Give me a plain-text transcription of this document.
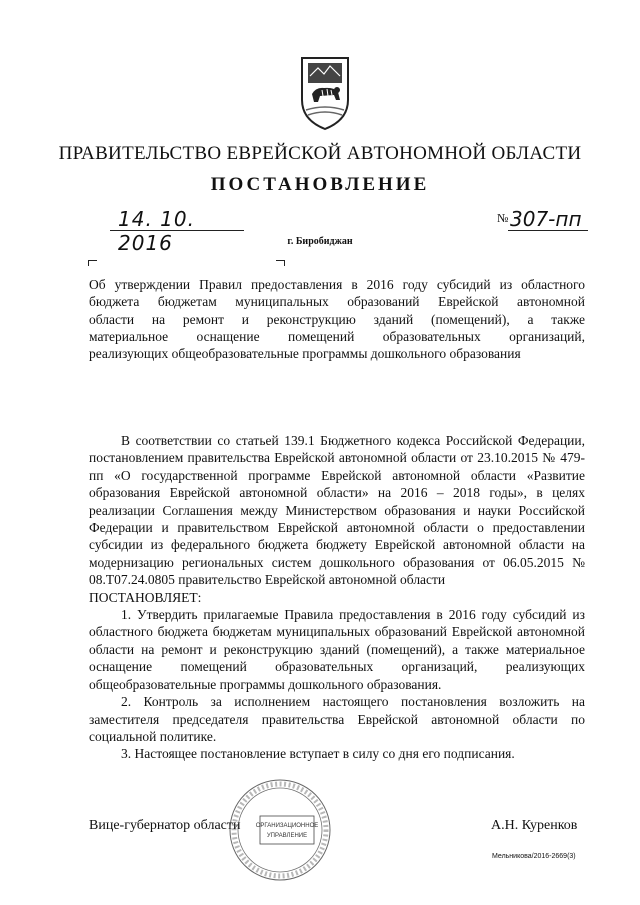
ПРАВИТЕЛЬСТВО ЕВРЕЙСКОЙ АВТОНОМНОЙ ОБЛАСТИ
ПОСТАНОВЛЕНИЕ
14. 10. 2016
№ 307-пп
г. Биробиджан
Об утверждении Правил предоставления в 2016 году субсидий из областного
бюджета бюджетам муниципальных образований Еврейской автономной
области на ремонт и реконструкцию зданий (помещений), а также
материальное оснащение помещений образовательных организаций,
реализующих общеобразовательные программы дошкольного образования

В соответствии со статьей 139.1 Бюджетного кодекса Российской Федерации, постановлением правительства Еврейской автономной области от 23.10.2015 № 479-пп «О государственной программе Еврейской автономной области «Развитие образования Еврейской автономной области» на 2016 – 2018 годы», в целях реализации Соглашения между Министерством образования и науки Российской Федерации и правительством Еврейской автономной области о предоставлении субсидии из федерального бюджета бюджету Еврейской автономной области на модернизацию региональных систем дошкольного образования от 06.05.2015 № 08.Т07.24.0805 правительство Еврейской автономной области

ПОСТАНОВЛЯЕТ:

1. Утвердить прилагаемые Правила предоставления в 2016 году субсидий из областного бюджета бюджетам муниципальных образований Еврейской автономной области на ремонт и реконструкцию зданий (помещений), а также материальное оснащение помещений образовательных организаций, реализующих общеобразовательные программы дошкольного образования.

2. Контроль за исполнением настоящего постановления возложить на заместителя председателя правительства Еврейской автономной области по социальной политике.

3. Настоящее постановление вступает в силу со дня его подписания.

Вице-губернатор области	А.Н. Куренков
ОРГАНИЗАЦИОННОЕ
УПРАВЛЕНИЕ
Мельникова/2016-2669(3)
